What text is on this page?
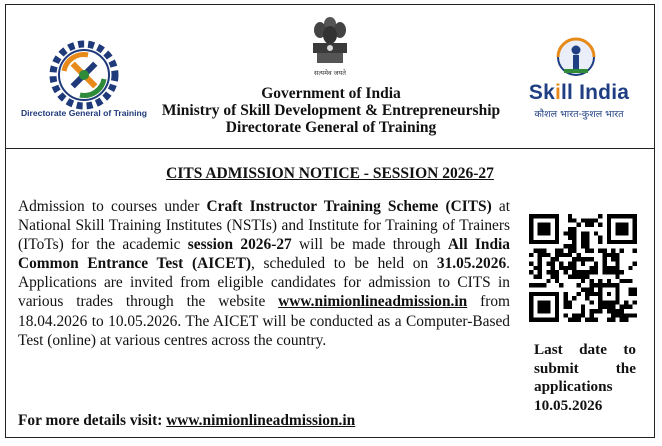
Directorate General of Training
सत्यमेव जयते
Government of India
Ministry of Skill Development & Entrepreneurship
Directorate General of Training
Skill India
कौशल भारत-कुशल भारत
CITS ADMISSION NOTICE - SESSION 2026-27

Admission to courses under Craft Instructor Training Scheme (CITS) at National Skill Training Institutes (NSTIs) and Institute for Training of Trainers (IToTs) for the academic session 2026-27 will be made through All India Common Entrance Test (AICET), scheduled to be held on 31.05.2026. Applications are invited from eligible candidates for admission to CITS in various trades through the website www.nimionlineadmission.in from 18.04.2026 to 10.05.2026. The AICET will be conducted as a Computer-Based Test (online) at various centres across the country.

For more details visit: www.nimionlineadmission.in
Last date to submit the applications
10.05.2026
